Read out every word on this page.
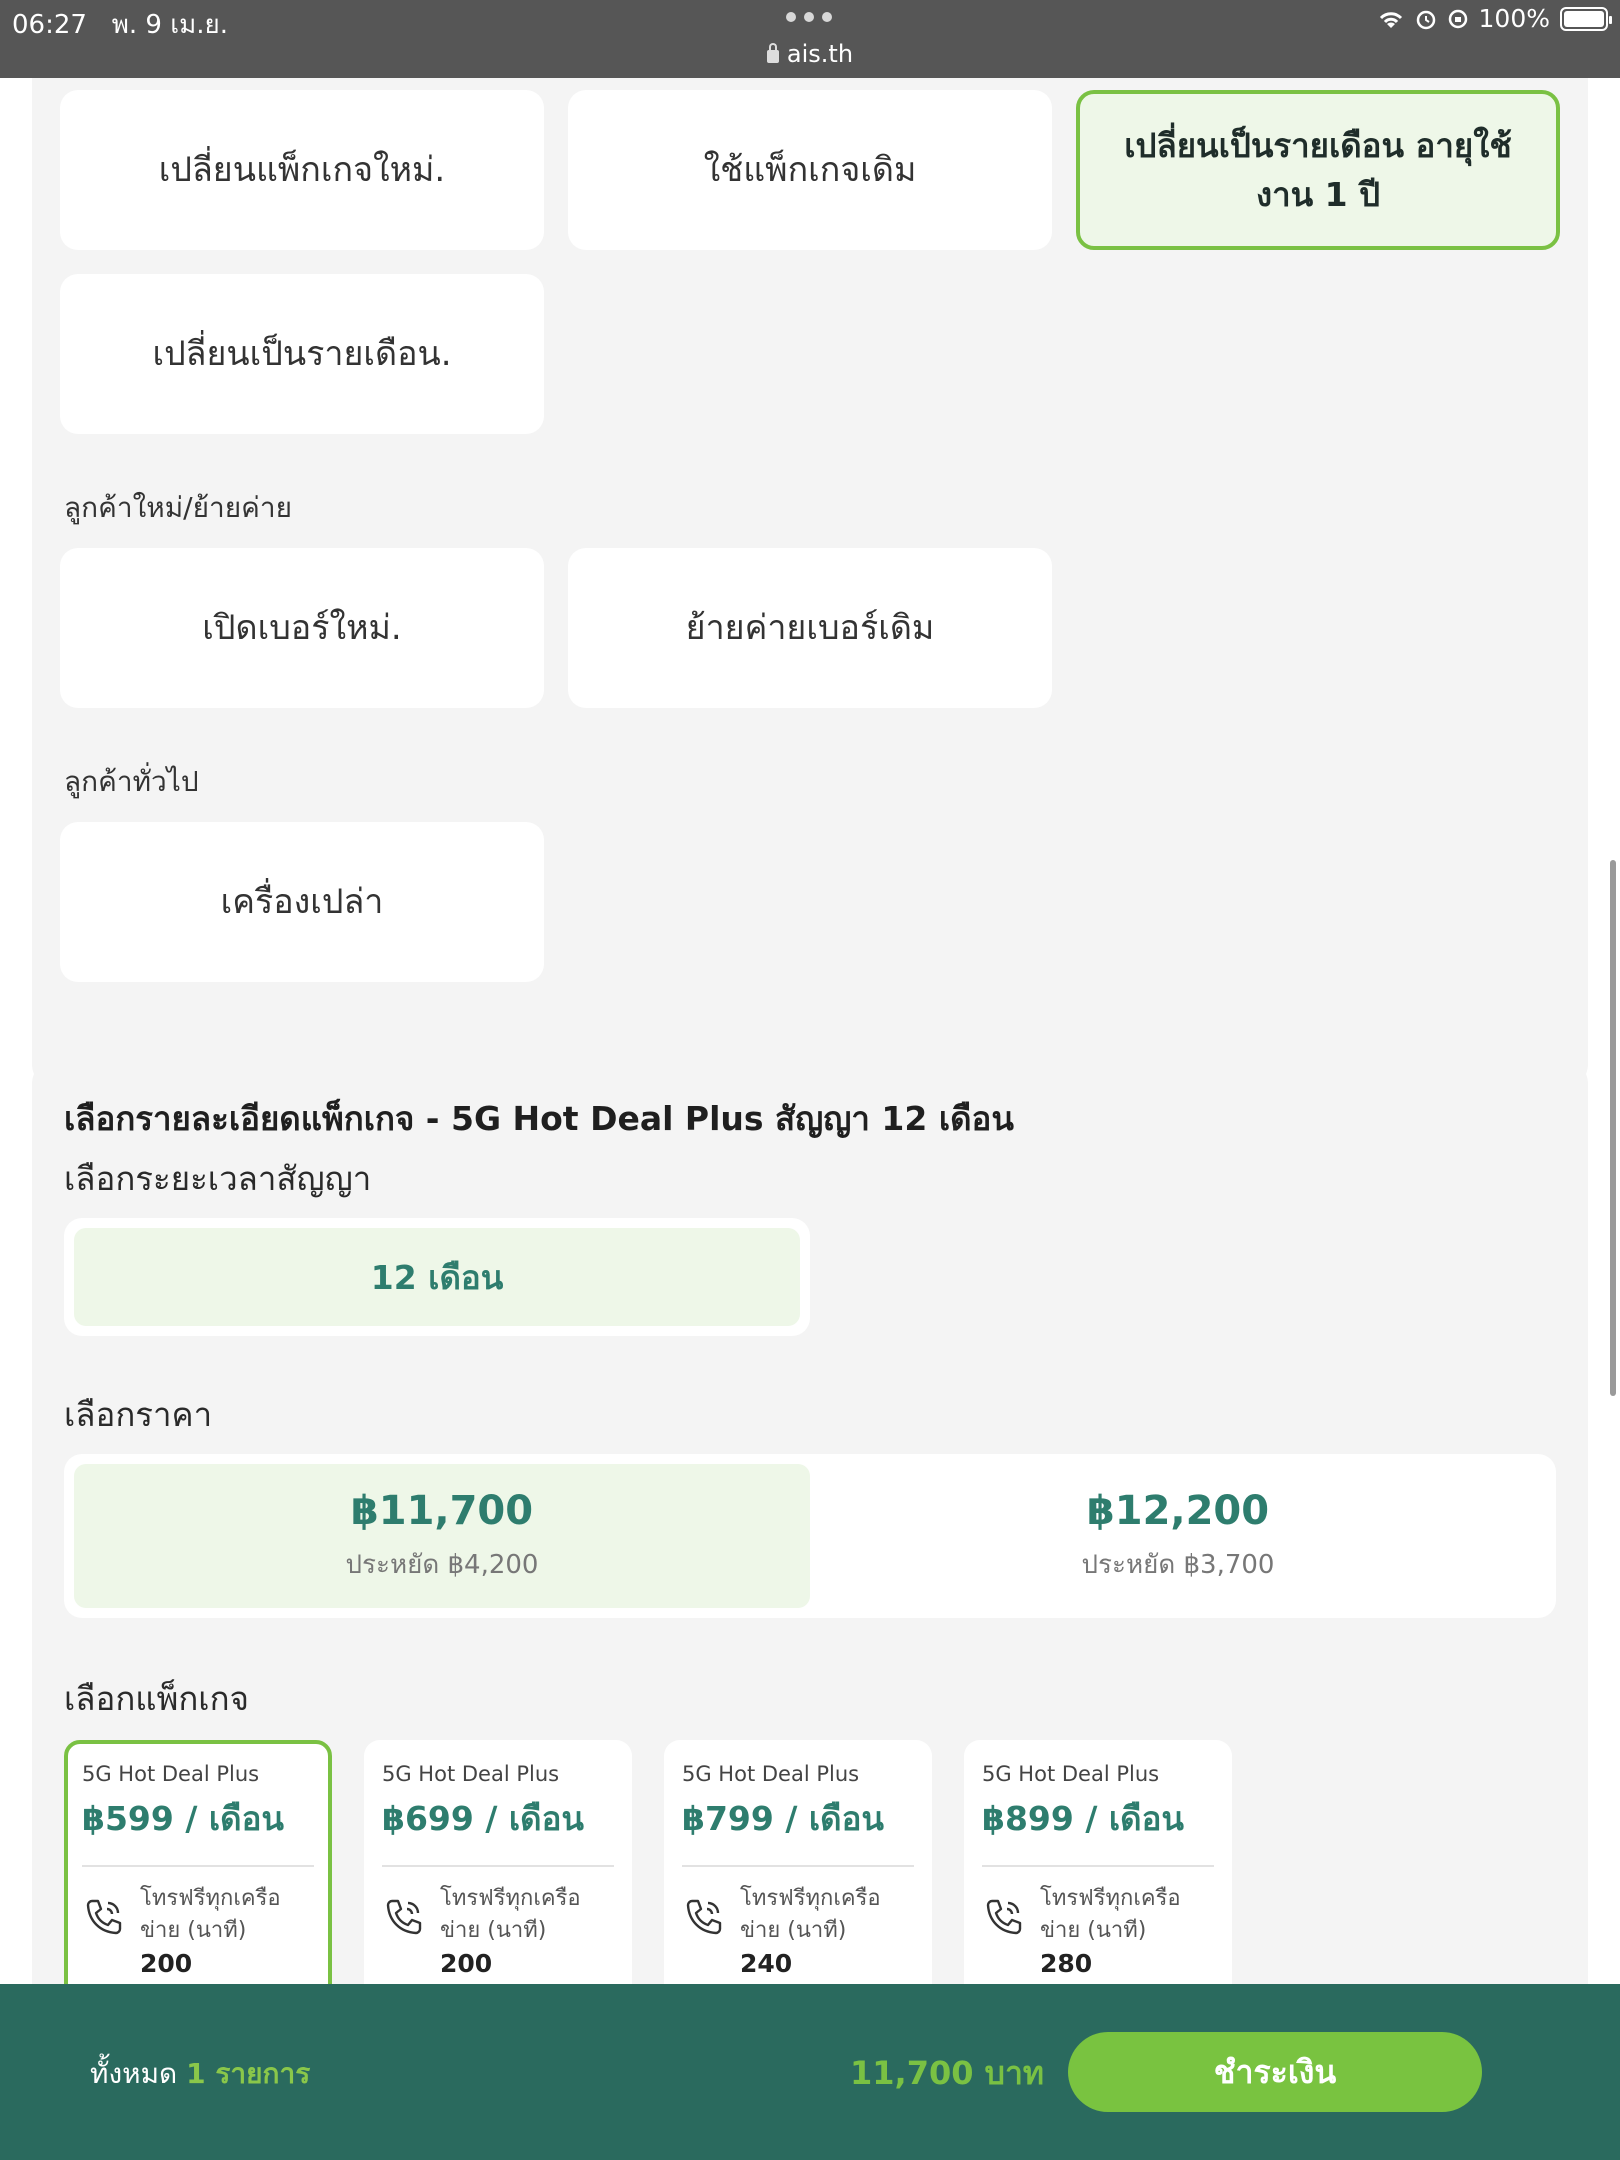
06:27 พ. 9 เม.ย.	100%
ais.th
เปลี่ยนแพ็กเกจใหม่.	ใช้แพ็กเกจเดิม
เปลี่ยนเป็นรายเดือน อายุใช้งาน 1 ปี
เปลี่ยนเป็นรายเดือน.
ลูกค้าใหม่/ย้ายค่าย
เปิดเบอร์ใหม่.	ย้ายค่ายเบอร์เดิม
ลูกค้าทั่วไป
เครื่องเปล่า
เลือกรายละเอียดแพ็กเกจ - 5G Hot Deal Plus สัญญา 12 เดือน
เลือกระยะเวลาสัญญา
12 เดือน
เลือกราคา
฿11,700
ประหยัด ฿4,200
฿12,200
ประหยัด ฿3,700
เลือกแพ็กเกจ
5G Hot Deal Plus
฿599 / เดือน
โทรฟรีทุกเครือข่าย (นาที)
200
5G Hot Deal Plus
฿699 / เดือน
โทรฟรีทุกเครือข่าย (นาที)
200
5G Hot Deal Plus
฿799 / เดือน
โทรฟรีทุกเครือข่าย (นาที)
240
5G Hot Deal Plus
฿899 / เดือน
โทรฟรีทุกเครือข่าย (นาที)
280
ทั้งหมด 1 รายการ	11,700 บาท	ชำระเงิน
